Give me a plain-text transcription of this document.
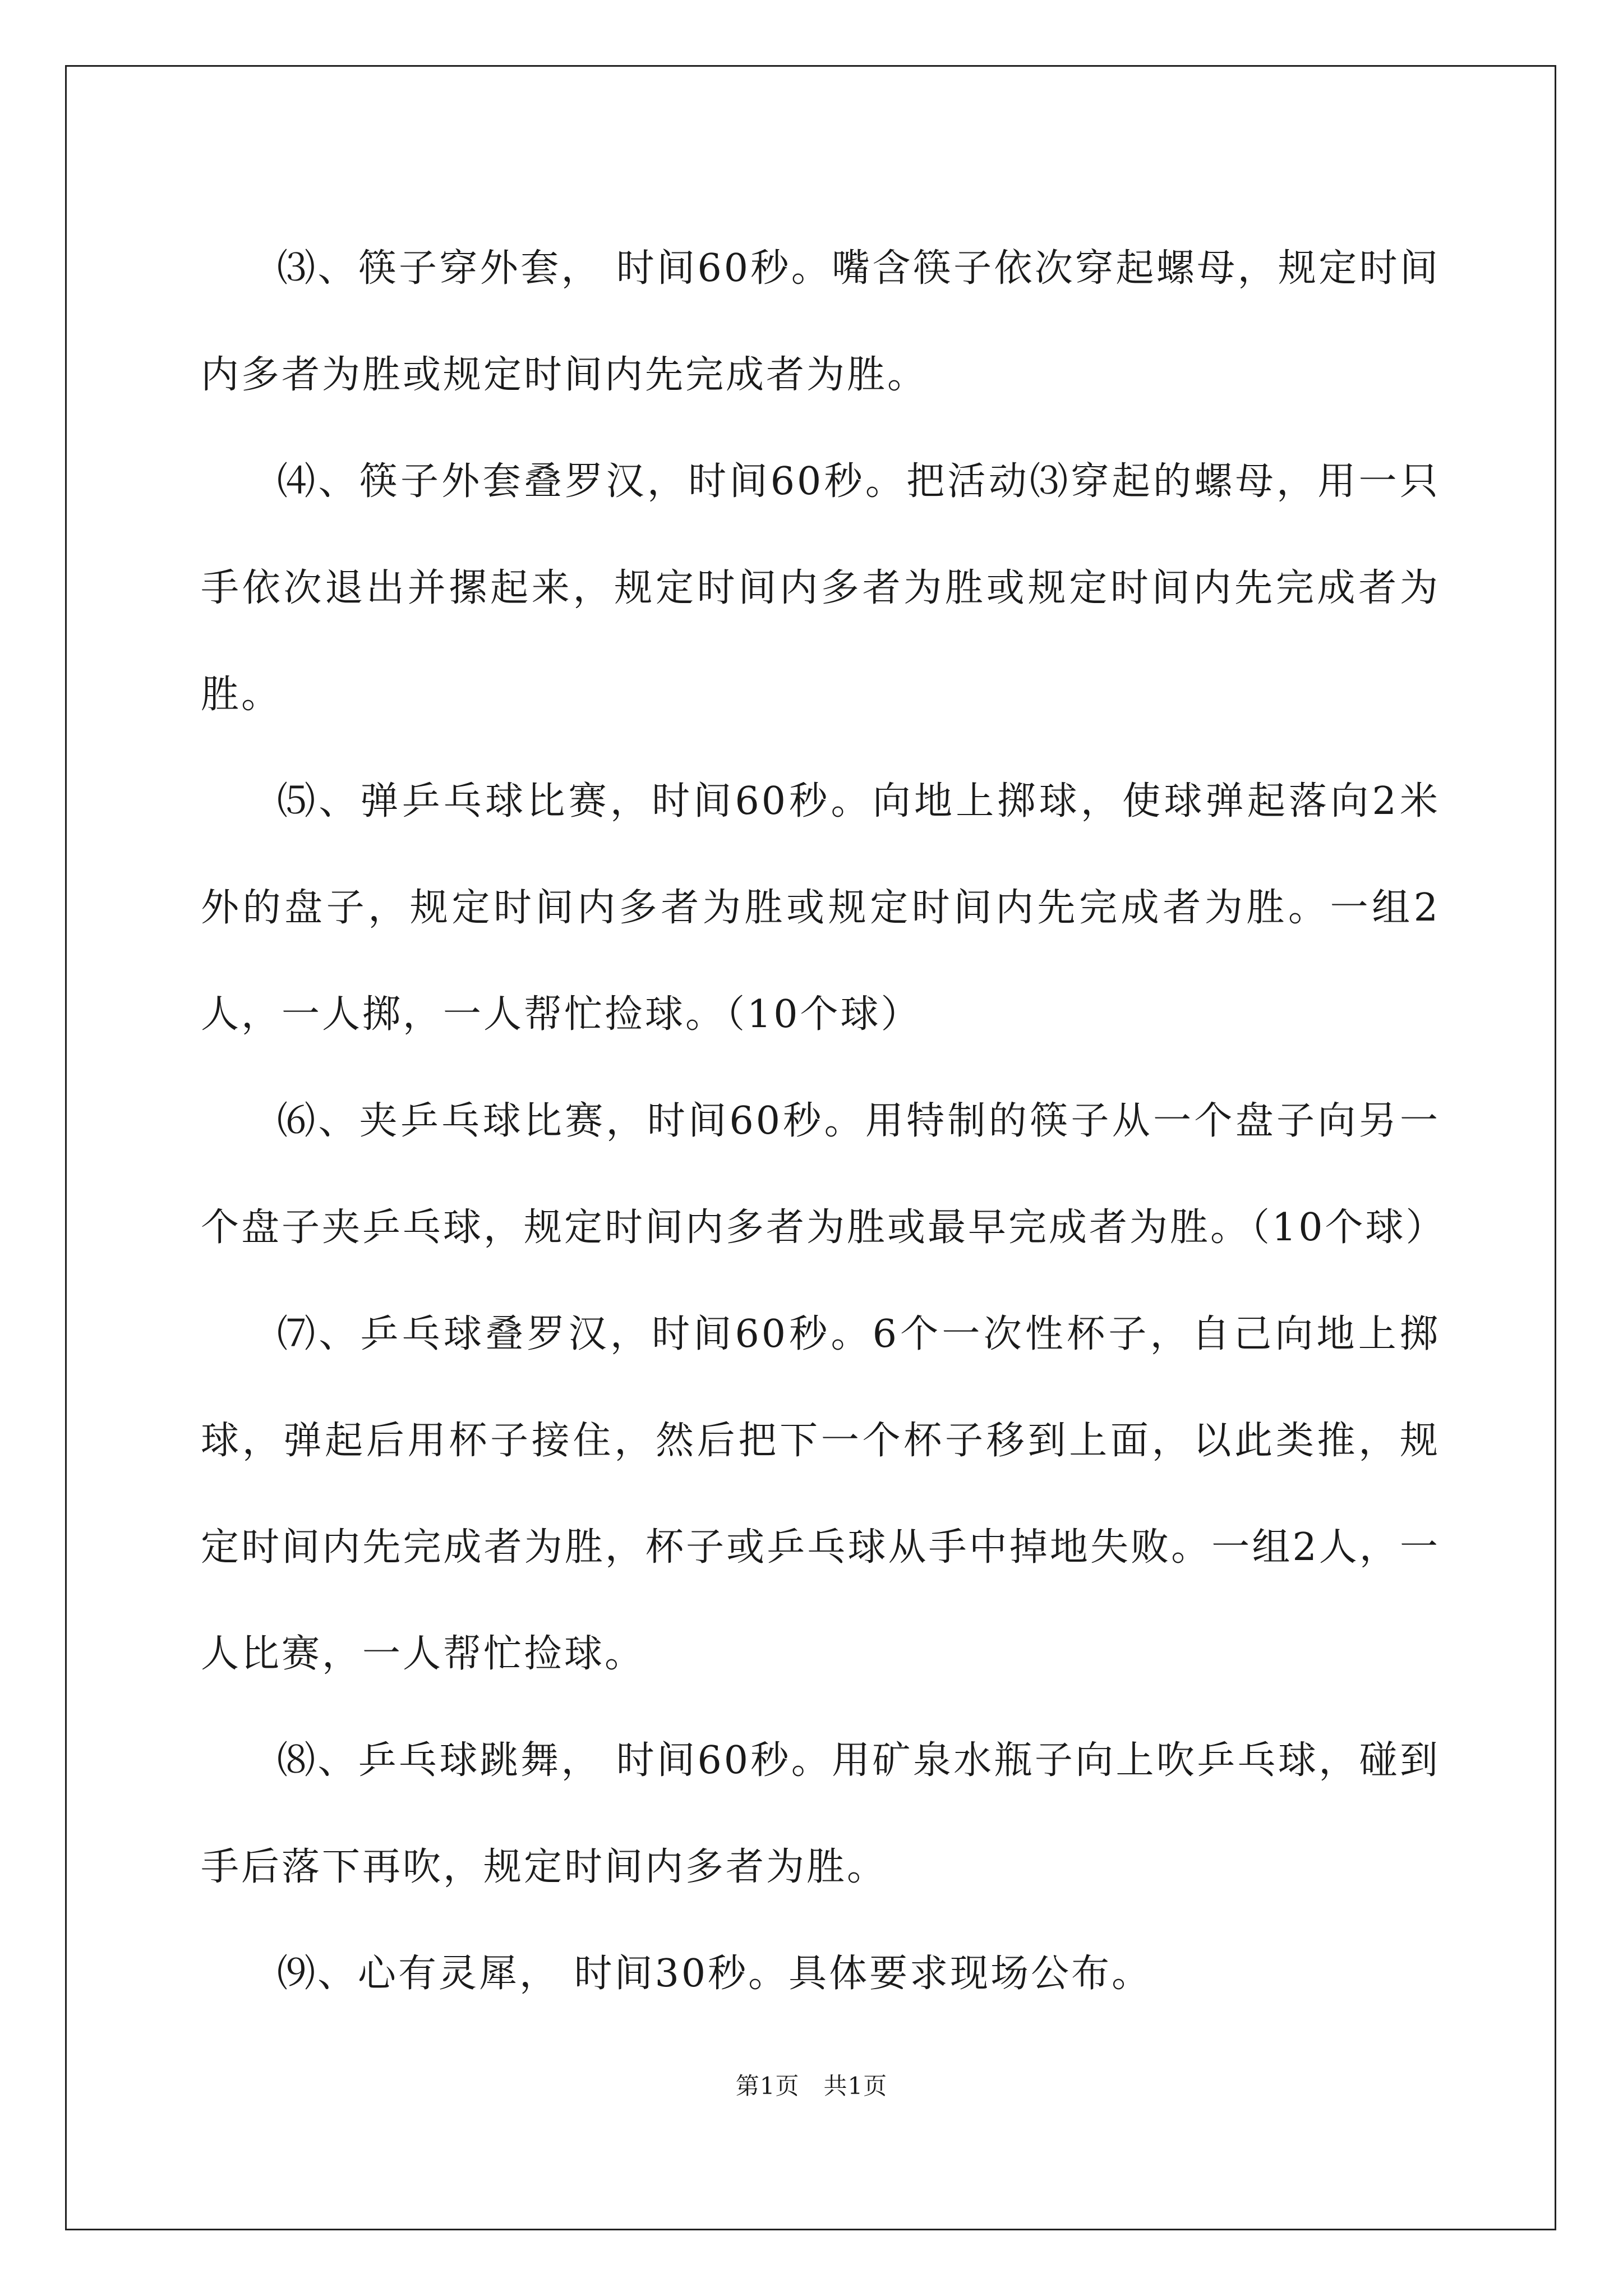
⑶、筷子穿外套， 时间60秒。嘴含筷子依次穿起螺母，规定时间内多者为胜或规定时间内先完成者为胜。

⑷、筷子外套叠罗汉，时间60秒。把活动⑶穿起的螺母，用一只手依次退出并摞起来，规定时间内多者为胜或规定时间内先完成者为胜。

⑸、弹乒乓球比赛，时间60秒。向地上掷球，使球弹起落向2米外的盘子，规定时间内多者为胜或规定时间内先完成者为胜。一组2人，一人掷，一人帮忙捡球。（10个球）

⑹、夹乒乓球比赛，时间60秒。用特制的筷子从一个盘子向另一个盘子夹乒乓球，规定时间内多者为胜或最早完成者为胜。（10个球）

⑺、乒乓球叠罗汉，时间60秒。6个一次性杯子，自己向地上掷球，弹起后用杯子接住，然后把下一个杯子移到上面，以此类推，规定时间内先完成者为胜，杯子或乒乓球从手中掉地失败。一组2人，一人比赛，一人帮忙捡球。

⑻、乒乓球跳舞， 时间60秒。用矿泉水瓶子向上吹乒乓球，碰到手后落下再吹，规定时间内多者为胜。

⑼、心有灵犀， 时间30秒。具体要求现场公布。

第1页　共1页
